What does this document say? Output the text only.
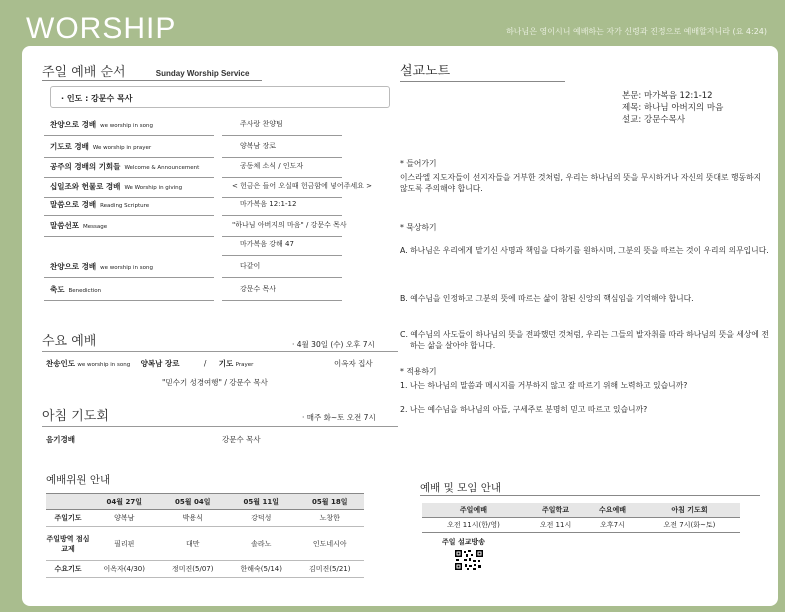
WORSHIP	하나님은 영이시니 예배하는 자가 신령과 진정으로 예배할지니라 (요 4:24)
주일 예배 순서	Sunday Worship Service
· 인도 : 강문수 목사
찬양으로 경배 we worship in song	주사랑 찬양팀
기도로 경배 We worship in prayer	양복남 장로
공주의 경배의 기회들 Welcome & Announcement	공동체 소식 / 인도자
십일조와 헌물로 경배 We Worship in giving	< 헌금은 들어 오실때 헌금함에 넣어주세요 >
말씀으로 경배 Reading Scripture	마가복음 12:1-12
말씀선포 Message	"하나님 아버지의 마음" / 강문수 목사
마가복음 강해 47
찬양으로 경배 we worship in song	다같이
축도 Benediction	강문수 목사
수요 예배	· 4월 30일 (수) 오후 7시
찬송인도 we worship in song 양복남 장로	/ 기도 Prayer	이옥자 집사
"믿수기 성경여행" / 강문수 목사
아침 기도회	· 매주 화~토 오전 7시
음기경배	강문수 목사
예배위원 안내
	04월 27일	05월 04일	05월 11일	05월 18일
주일기도	양복남	박용식	강덕성	노창한
주일방역 점심교제	필리핀	대만	솔라노	인도네시아
수요기도	이옥자(4/30)	정미진(5/07)	한해숙(5/14)	김미진(5/21)
설교노트
본문: 마가복음 12:1-12
제목: 하나님 아버지의 마음
설교: 강문수목사
* 들어가기
이스라엘 지도자들이 선지자들을 거부한 것처럼, 우리는 하나님의 뜻을 무시하거나 자신의 뜻대로 행동하지 않도록 주의해야 합니다.
* 묵상하기
A. 하나님은 우리에게 맡기신 사명과 책임을 다하기를 원하시며, 그분의 뜻을 따르는 것이 우리의 의무입니다.
B. 예수님을 인정하고 그분의 뜻에 따르는 삶이 참된 신앙의 핵심임을 기억해야 합니다.
C. 예수님의 사도들이 하나님의 뜻을 전파했던 것처럼, 우리는 그들의 발자취를 따라 하나님의 뜻을 세상에 전하는 삶을 살아야 합니다.
* 적용하기
1. 나는 하나님의 말씀과 메시지를 거부하지 않고 잘 따르기 위해 노력하고 있습니까?
2. 나는 예수님을 하나님의 아들, 구세주로 분명히 믿고 따르고 있습니까?
예배 및 모임 안내
주일예배	주일학교	수요예배	아침 기도회
오전 11시(한/영)	오전 11시	오후7시	오전 7시(화~토)
주일 설교방송
